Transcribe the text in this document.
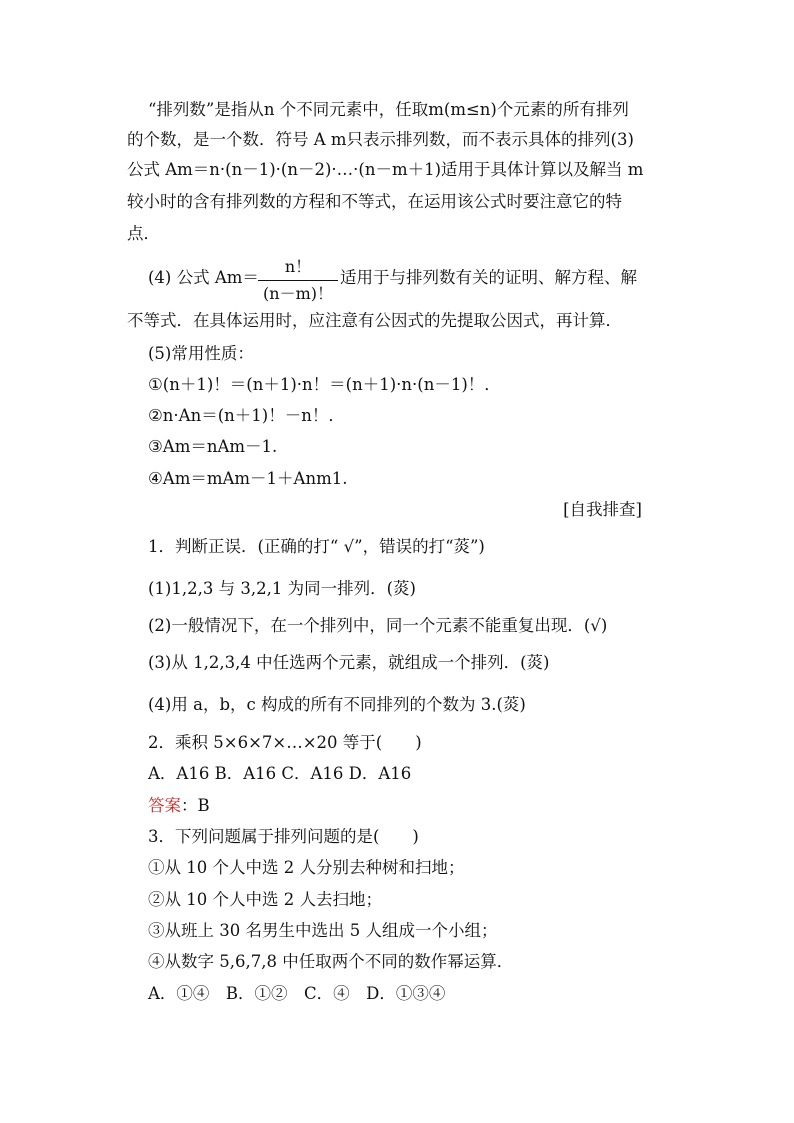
“排列数”是指从n 个不同元素中，任取m(m≤n)个元素的所有排列
的个数，是一个数．符号 A m只表示排列数，而不表示具体的排列(3)
公式 Am＝n·(n－1)·(n－2)·…·(n－m＋1)适用于具体计算以及解当 m
较小时的含有排列数的方程和不等式，在运用该公式时要注意它的特
点．
(4) 公式 Am＝
n！
(n－m)！
适用于与排列数有关的证明、解方程、解
不等式．在具体运用时，应注意有公因式的先提取公因式，再计算．
(5)常用性质：
①(n＋1)！＝(n＋1)·n！＝(n＋1)·n·(n－1)！．
②n·An＝(n＋1)！－n！．
③Am＝nAm－1.
④Am＝mAm－1＋Anm1.
[自我排查]
1．判断正误．(正确的打“ √”，错误的打“菼”)
(1)1,2,3 与 3,2,1 为同一排列．(菼)
(2)一般情况下，在一个排列中，同一个元素不能重复出现．(√)
(3)从 1,2,3,4 中任选两个元素，就组成一个排列．(菼)
(4)用 a，b，c 构成的所有不同排列的个数为 3.(菼)
2．乘积 5×6×7×…×20 等于(　　)
A．A16 B．A16 C．A16 D．A16
答案：B
3．下列问题属于排列问题的是(　　)
①从 10 个人中选 2 人分别去种树和扫地；
②从 10 个人中选 2 人去扫地；
③从班上 30 名男生中选出 5 人组成一个小组；
④从数字 5,6,7,8 中任取两个不同的数作幂运算．
A．①④　B．①②　C．④　D．①③④
